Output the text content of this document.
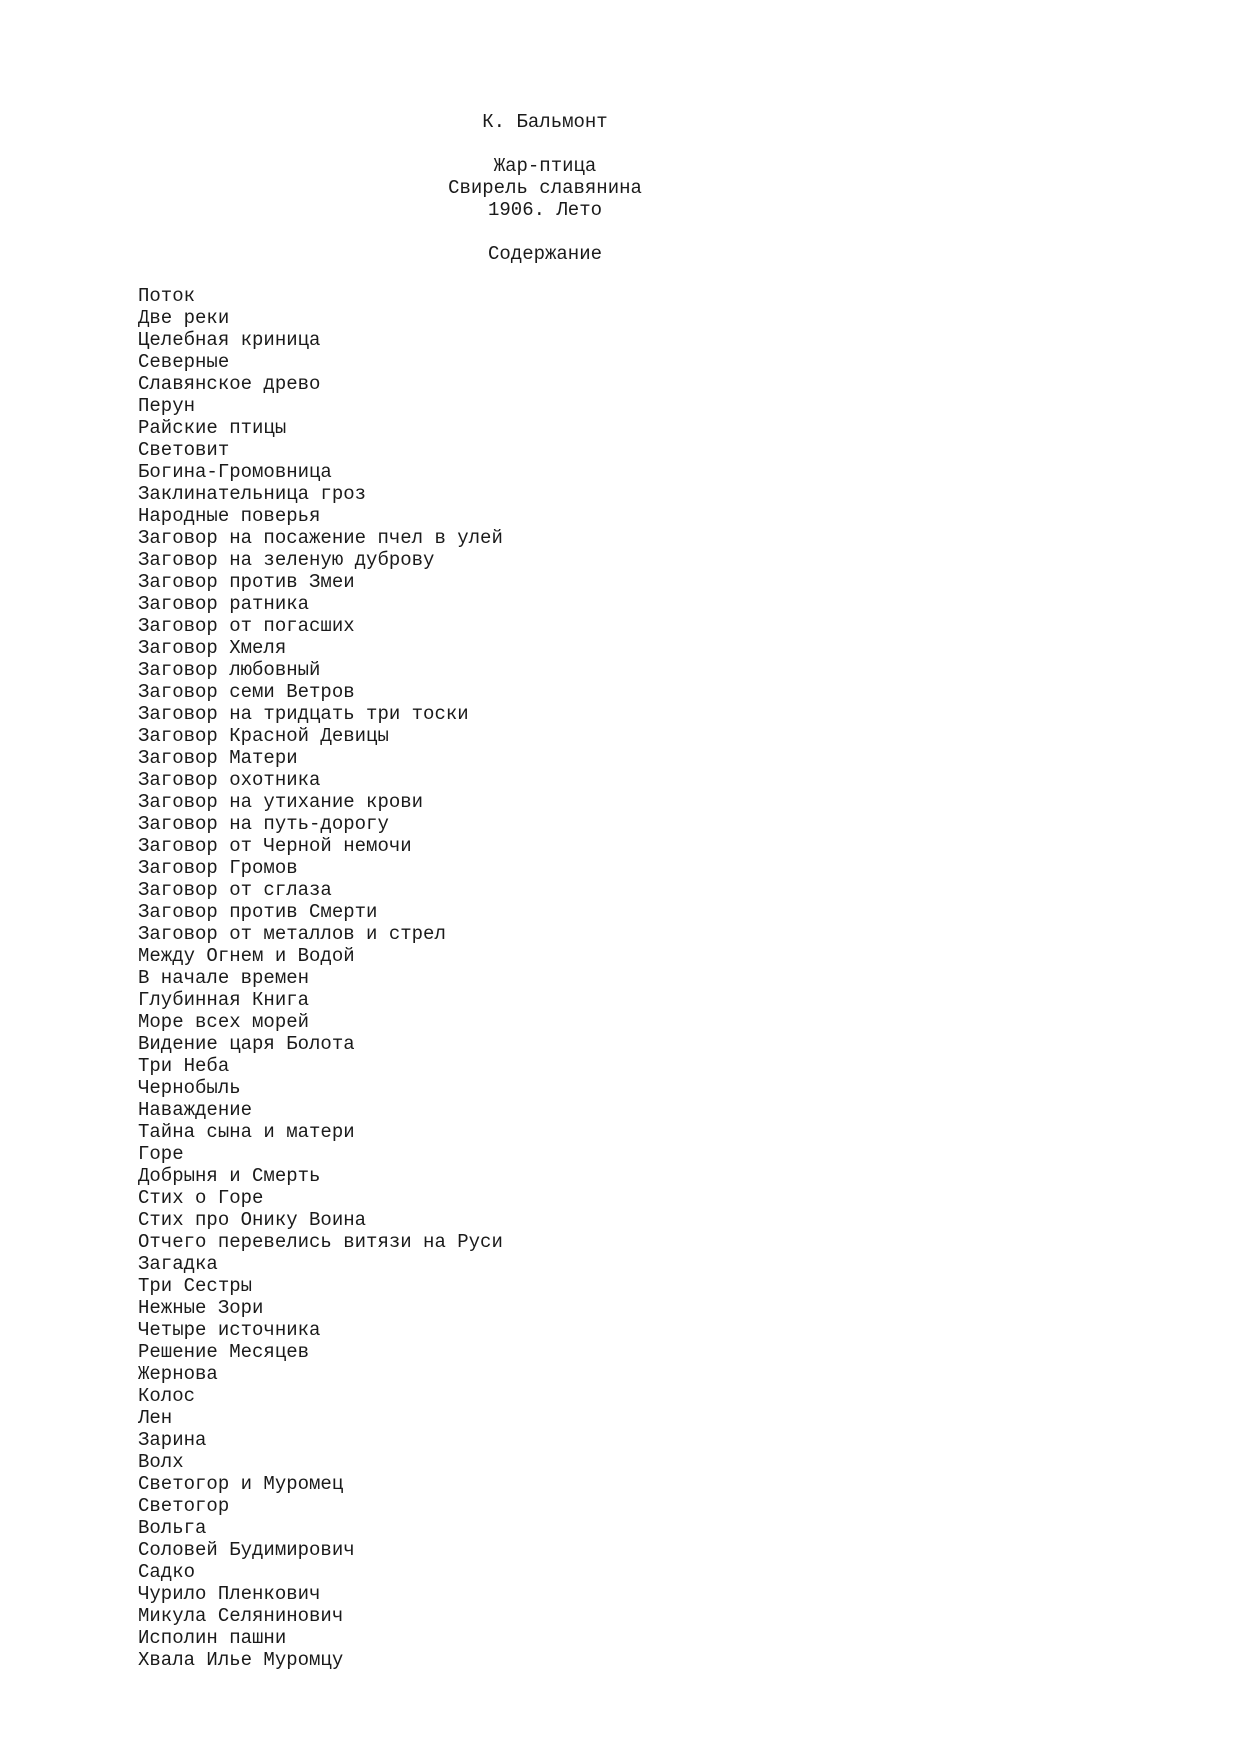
К. Бальмонт
Жар-птица
Свирель славянина
1906. Лето
Содержание
Поток
Две реки
Целебная криница
Северные
Славянское древо
Перун
Райские птицы
Световит
Богина-Громовница
Заклинательница гроз
Народные поверья
Заговор на посажение пчел в улей
Заговор на зеленую дуброву
Заговор против Змеи
Заговор ратника
Заговор от погасших
Заговор Хмеля
Заговор любовный
Заговор семи Ветров
Заговор на тридцать три тоски
Заговор Красной Девицы
Заговор Матери
Заговор охотника
Заговор на утихание крови
Заговор на путь-дорогу
Заговор от Черной немочи
Заговор Громов
Заговор от сглаза
Заговор против Смерти
Заговор от металлов и стрел
Между Огнем и Водой
В начале времен
Глубинная Книга
Море всех морей
Видение царя Болота
Три Неба
Чернобыль
Наваждение
Тайна сына и матери
Горе
Добрыня и Смерть
Стих о Горе
Стих про Онику Воина
Отчего перевелись витязи на Руси
Загадка
Три Сестры
Нежные Зори
Четыре источника
Решение Месяцев
Жернова
Колос
Лен
Зарина
Волх
Светогор и Муромец
Светогор
Вольга
Соловей Будимирович
Садко
Чурило Пленкович
Микула Селянинович
Исполин пашни
Хвала Илье Муромцу
